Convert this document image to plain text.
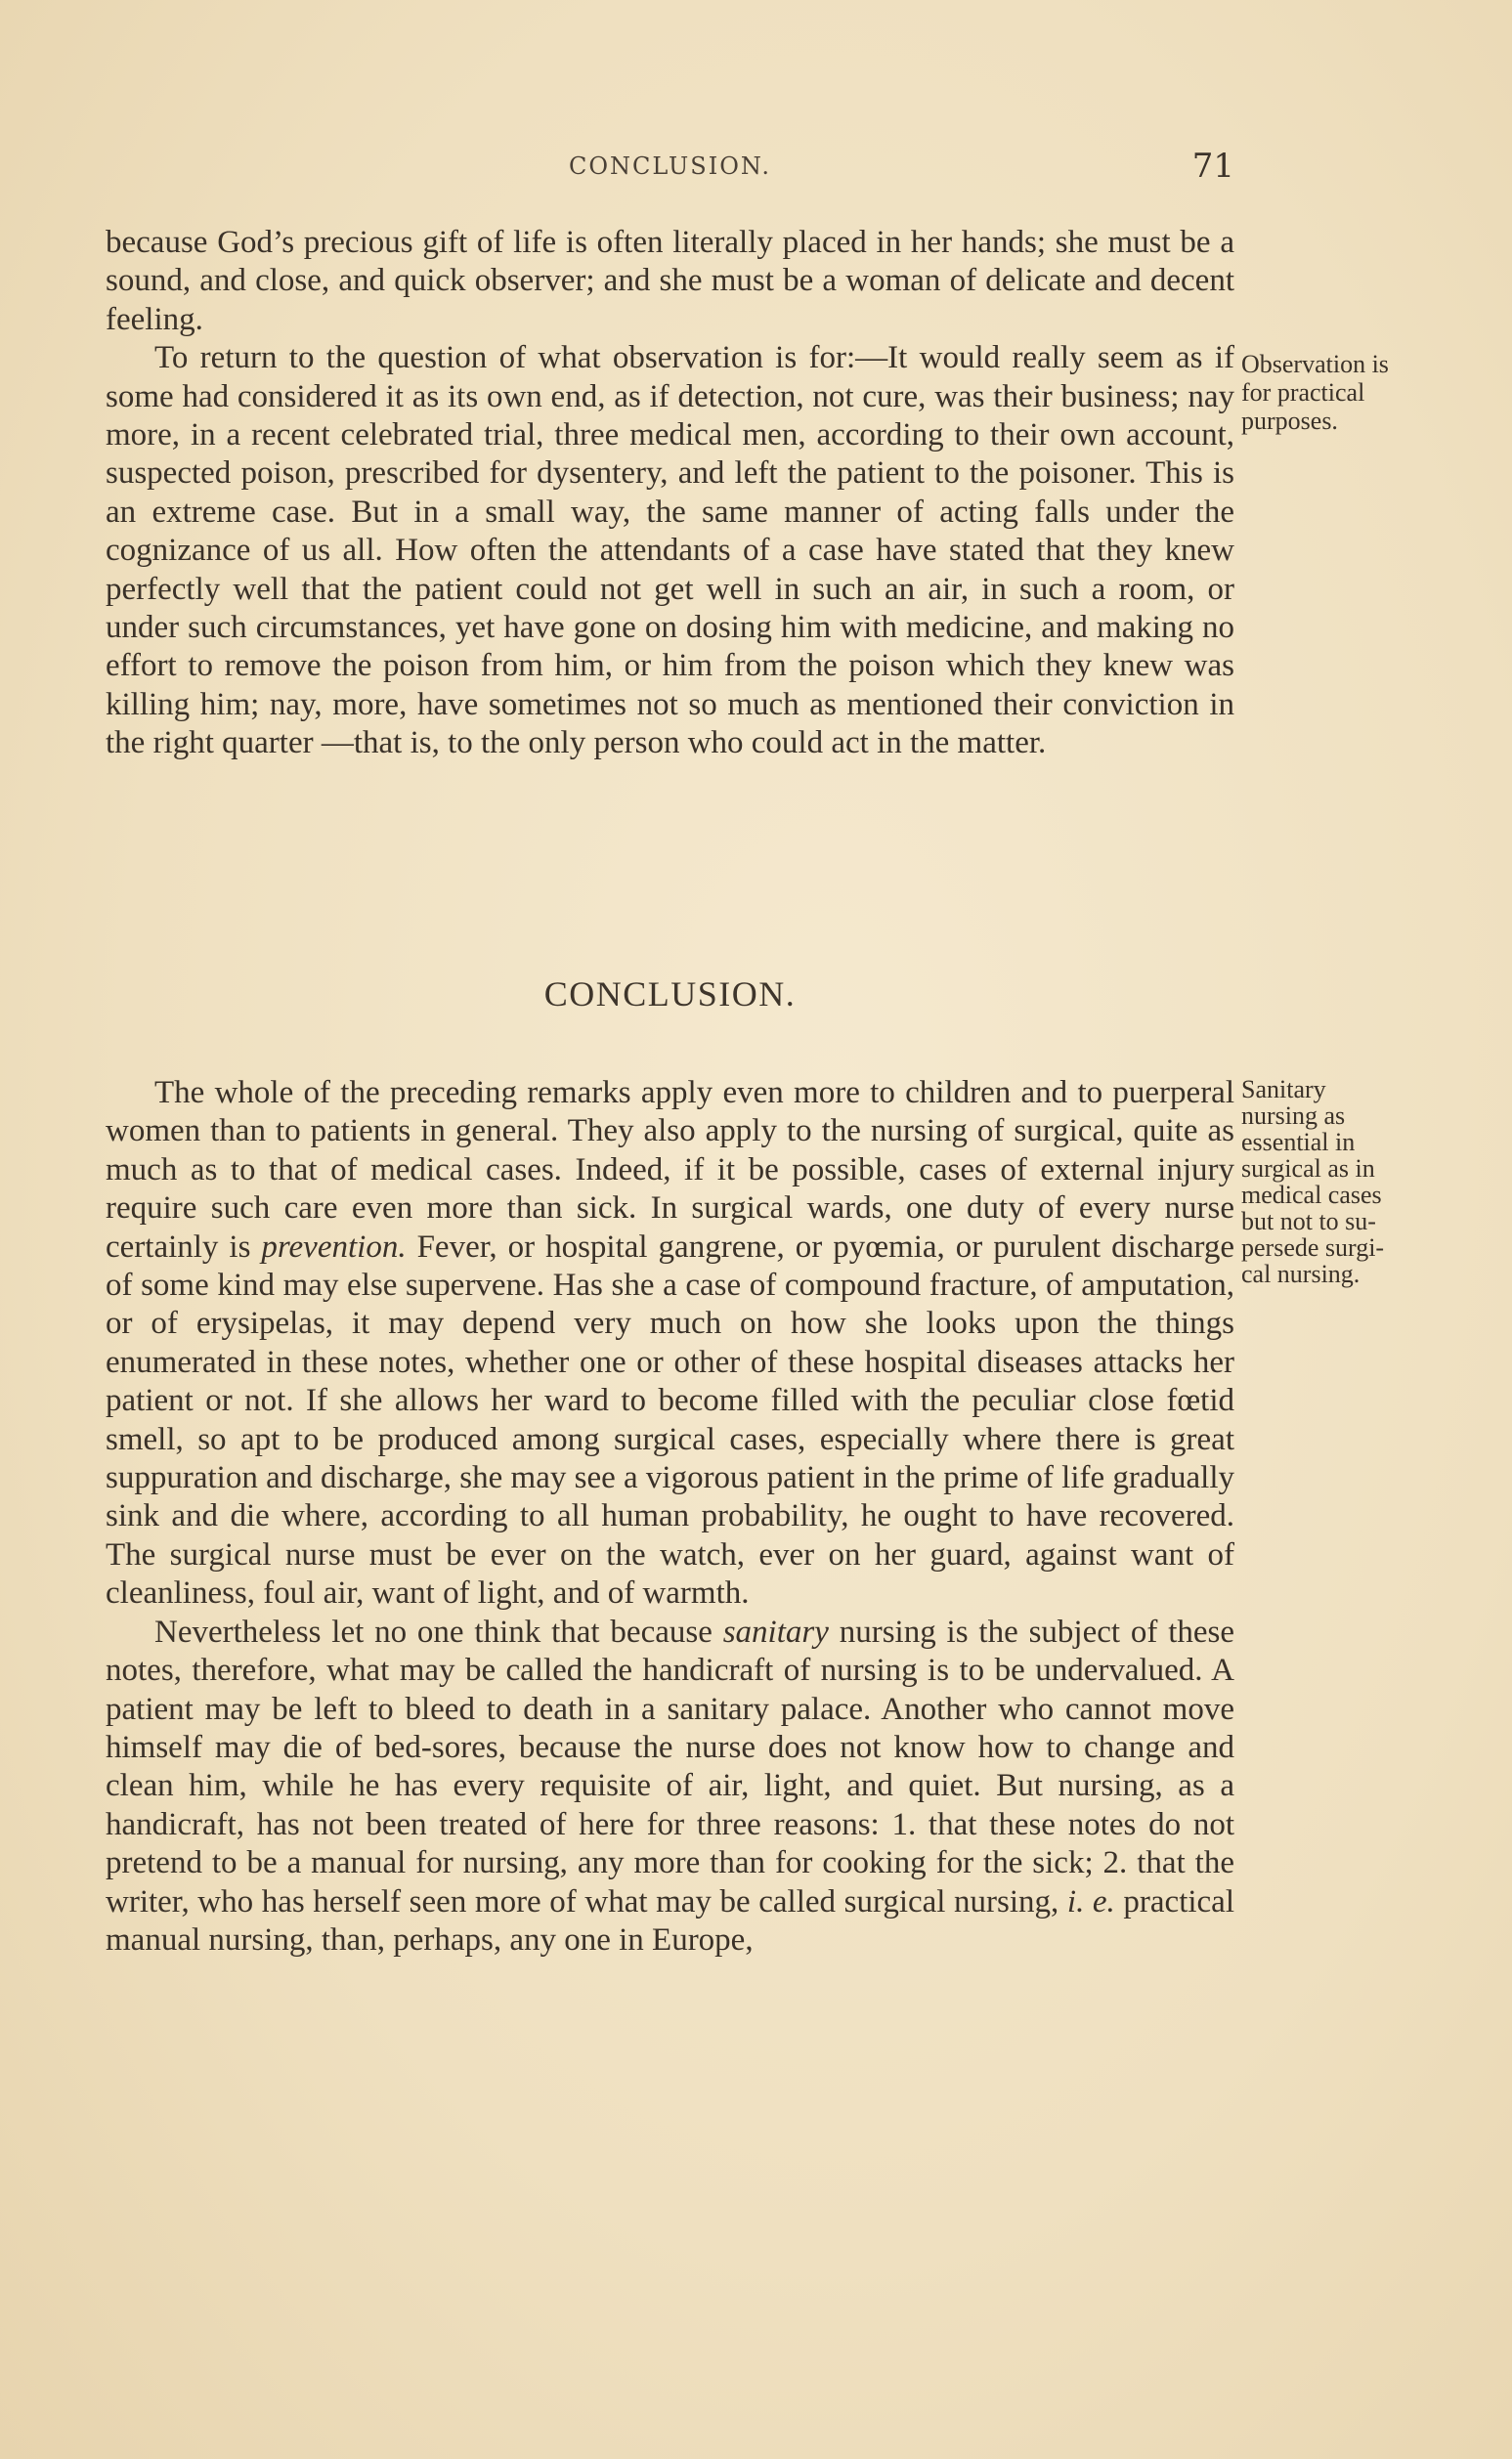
CONCLUSION.	71

because God’s precious gift of life is often literally placed in her hands; she must be a sound, and close, and quick observer; and she must be a woman of delicate and decent feeling.

To return to the question of what observation is for:—It would really seem as if some had considered it as its own end, as if detection, not cure, was their business; nay more, in a recent celebrated trial, three medical men, according to their own account, suspected poison, prescribed for dysentery, and left the patient to the poisoner. This is an extreme case. But in a small way, the same manner of acting falls under the cognizance of us all. How often the attendants of a case have stated that they knew perfectly well that the patient could not get well in such an air, in such a room, or under such circumstances, yet have gone on dosing him with medicine, and making no effort to remove the poison from him, or him from the poison which they knew was killing him; nay, more, have sometimes not so much as mentioned their conviction in the right quarter —that is, to the only person who could act in the matter.

Observation is
for practical
purposes.
CONCLUSION.

The whole of the preceding remarks apply even more to children and to puerperal women than to patients in general. They also apply to the nursing of surgical, quite as much as to that of medical cases. Indeed, if it be possible, cases of external injury require such care even more than sick. In surgical wards, one duty of every nurse certainly is prevention. Fever, or hospital gangrene, or pyœmia, or purulent discharge of some kind may else supervene. Has she a case of compound fracture, of amputation, or of erysipelas, it may depend very much on how she looks upon the things enumerated in these notes, whether one or other of these hospital diseases attacks her patient or not. If she allows her ward to become filled with the peculiar close fœtid smell, so apt to be produced among surgical cases, especially where there is great suppuration and discharge, she may see a vigorous patient in the prime of life gradually sink and die where, according to all human probability, he ought to have recovered. The surgical nurse must be ever on the watch, ever on her guard, against want of cleanliness, foul air, want of light, and of warmth.

Nevertheless let no one think that because sanitary nursing is the subject of these notes, therefore, what may be called the handicraft of nursing is to be undervalued. A patient may be left to bleed to death in a sanitary palace. Another who cannot move himself may die of bed-sores, because the nurse does not know how to change and clean him, while he has every requisite of air, light, and quiet. But nursing, as a handicraft, has not been treated of here for three reasons: 1. that these notes do not pretend to be a manual for nursing, any more than for cooking for the sick; 2. that the writer, who has herself seen more of what may be called surgical nursing, i. e. practical manual nursing, than, perhaps, any one in Europe,

Sanitary
nursing as
essential in
surgical as in
medical cases
but not to su-
persede surgi-
cal nursing.
